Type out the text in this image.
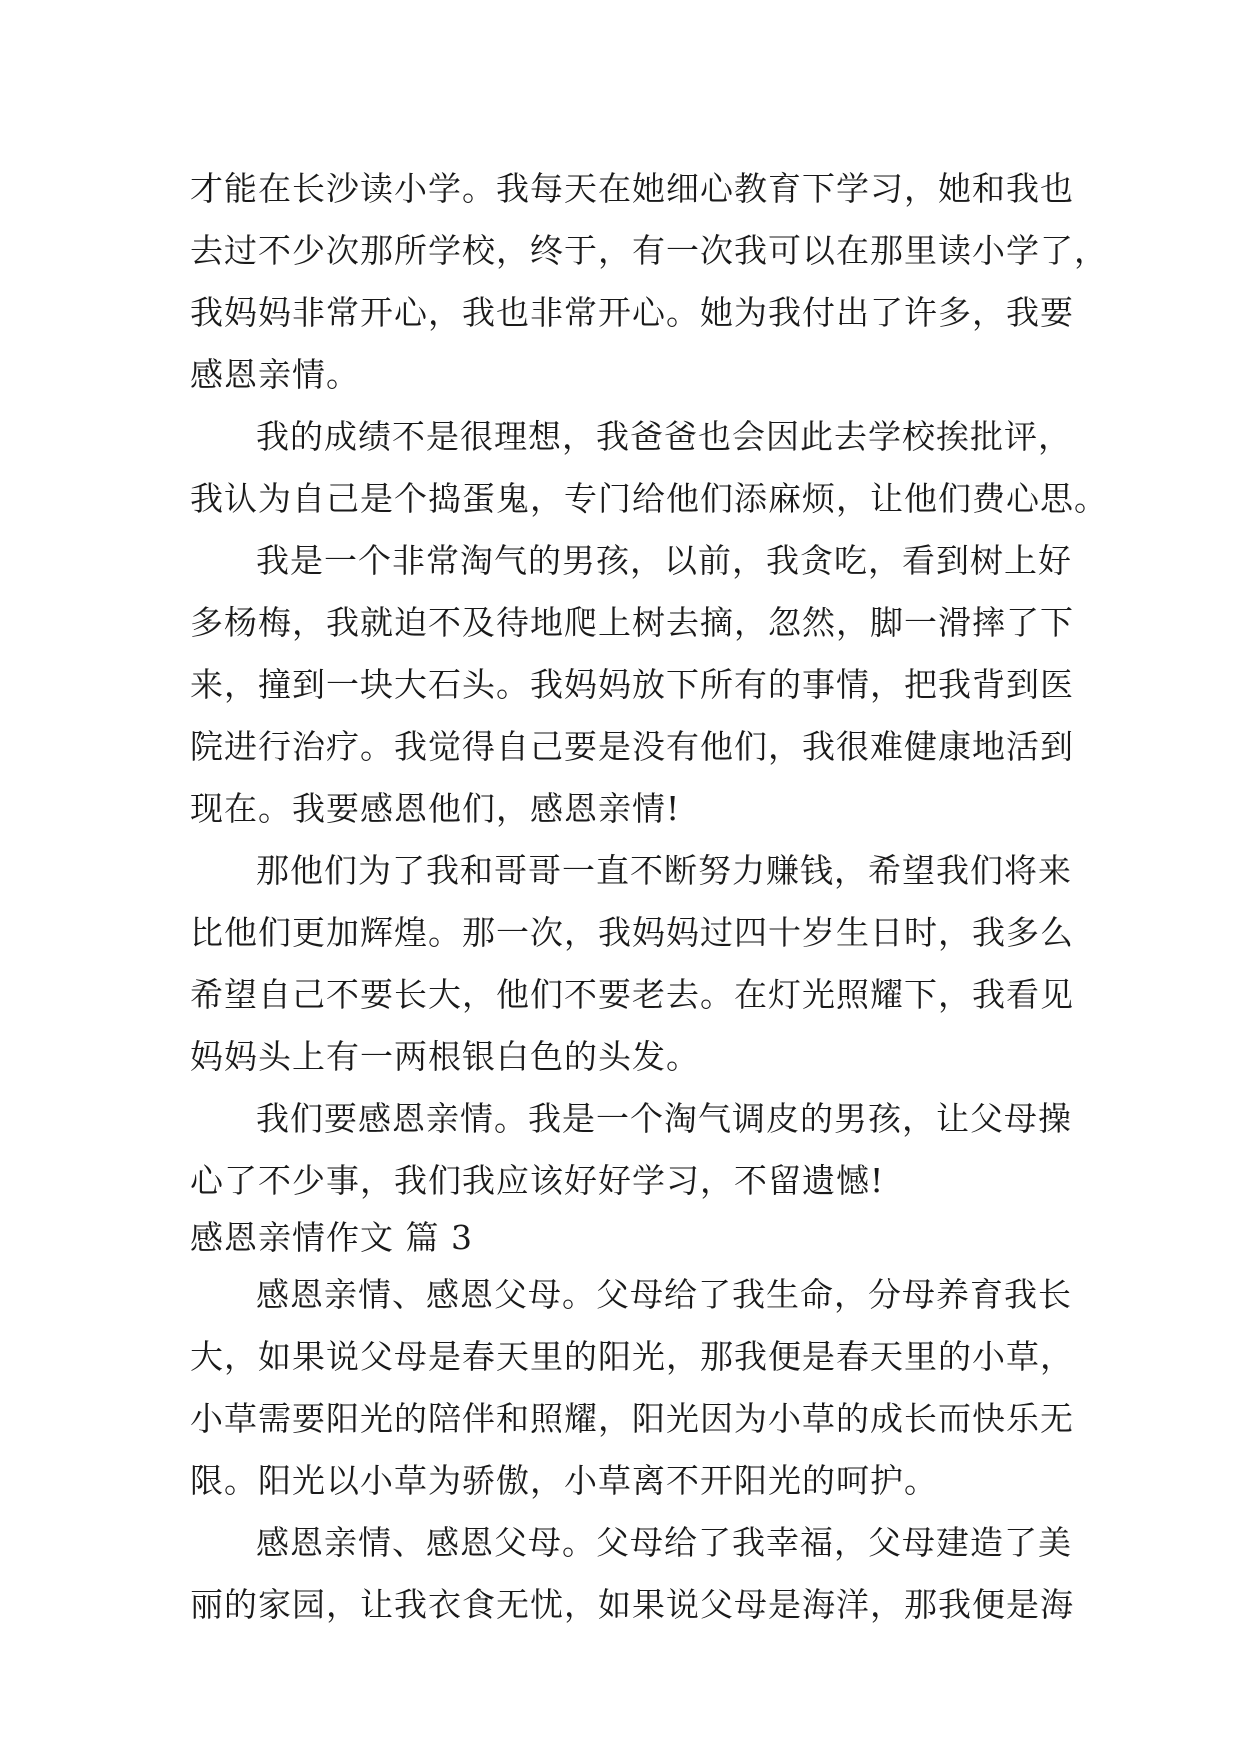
才能在长沙读小学。我每天在她细心教育下学习，她和我也
去过不少次那所学校，终于，有一次我可以在那里读小学了，
我妈妈非常开心，我也非常开心。她为我付出了许多，我要
感恩亲情。
我的成绩不是很理想，我爸爸也会因此去学校挨批评，
我认为自己是个捣蛋鬼，专门给他们添麻烦，让他们费心思。
我是一个非常淘气的男孩，以前，我贪吃，看到树上好
多杨梅，我就迫不及待地爬上树去摘，忽然，脚一滑摔了下
来，撞到一块大石头。我妈妈放下所有的事情，把我背到医
院进行治疗。我觉得自己要是没有他们，我很难健康地活到
现在。我要感恩他们，感恩亲情!
那他们为了我和哥哥一直不断努力赚钱，希望我们将来
比他们更加辉煌。那一次，我妈妈过四十岁生日时，我多么
希望自己不要长大，他们不要老去。在灯光照耀下，我看见
妈妈头上有一两根银白色的头发。
我们要感恩亲情。我是一个淘气调皮的男孩，让父母操
心了不少事，我们我应该好好学习，不留遗憾!
感恩亲情作文 篇 3
感恩亲情、感恩父母。父母给了我生命，分母养育我长
大，如果说父母是春天里的阳光，那我便是春天里的小草，
小草需要阳光的陪伴和照耀，阳光因为小草的成长而快乐无
限。阳光以小草为骄傲，小草离不开阳光的呵护。
感恩亲情、感恩父母。父母给了我幸福，父母建造了美
丽的家园，让我衣食无忧，如果说父母是海洋，那我便是海
